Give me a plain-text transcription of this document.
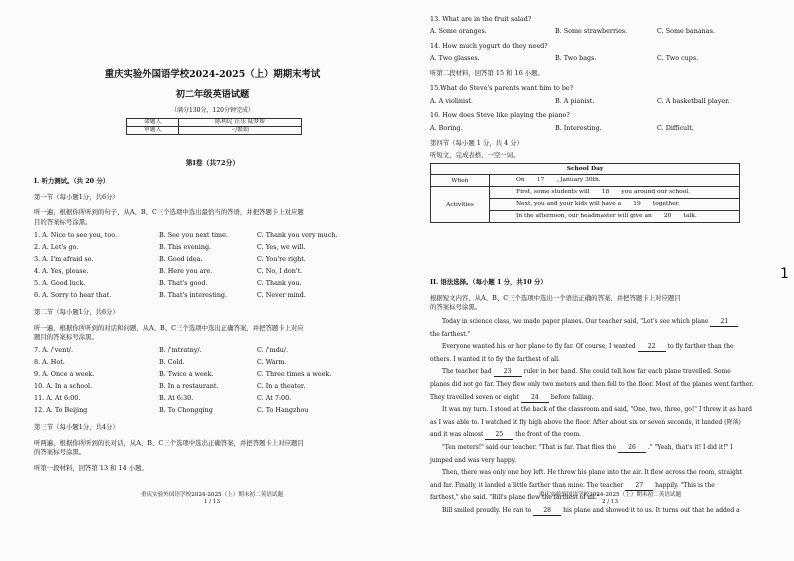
重庆实验外国语学校2024-2025（上）期期末考试
初二年级英语试题
（满分130分，120分钟完成）
命题人	陈利民 汪乐 陆梦娇
审题人	刁繁娟
第Ⅰ卷（共72分）
I. 听力测试。（共 20 分）
第一节（每小题1分，共6分）
听一遍，根据你所听到的句子，从A、B、C三个选项中选出最恰当的答语，并把答题卡上对应题
目的答案标号涂黑。
1. A. Nice to see you, too.	B. See you next time.	C. Thank you very much.
2. A. Let's go.	B. This evening.	C. Yes, we will.
3. A. I'm afraid so.	B. Good idea.	C. You're right.
4. A. Yes, please.	B. Here you are.	C. No, I don't.
5. A. Good luck.	B. That's good.	C. Thank you.
6. A. Sorry to hear that.	B. That's interesting.	C. Never mind.
第二节（每小题1分，共6分）
听一遍，根据你所听到的对话和问题，从A、B、C三个选项中选出正确答案，并把答题卡上对应
题目的答案标号涂黑。
7. A. /ˈvent/.	B. /ˈmtratny/.	C. /ˈmdu/.
8. A. Hot.	B. Cold.	C. Warm.
9. A. Once a week.	B. Twice a week.	C. Three times a week.
10. A. In a school.	B. In a restaurant.	C. In a theater.
11. A. At 6:00.	B. At 6:30.	C. At 7:00.
12. A. To Beijing	B. To Chongqing	C. To Hangzhou
第三节（每小题1分，共4分）
听两遍，根据你所听到的长对话，从A、B、C三个选项中选出正确答案，并把答题卡上对应题目
的答案标号涂黑。
听第一段材料，回答第 13 和 14 小题。
重庆实验外国语学校2024-2025（上）期末初二英语试题
1 / 13
13. What are in the fruit salad?
A. Some oranges.	B. Some strawberries.	C. Some bananas.
14. How much yogurt do they need?
A. Two glasses.	B. Two bags.	C. Two cups.
听第二段材料，回答第 15 和 16 小题。
15.What do Steve's parents want him to be?
A. A violinist.	B. A pianist.	C. A basketball player.
16. How does Steve like playing the piano?
A. Boring.	B. Interesting.	C. Difficult.
第四节（每小题 1 分，共 4 分）
听短文，完成表格，一空一词。
School Day
When	On 17 , January 30th.
Activities
First, some students will 18 you around our school.
Next, you and your kids will have a 19 together.
In the afternoon, our headmaster will give an 20 talk.
II. 语法选择。（每小题 1 分，共10 分）
根据短文内容，从A、B、C三个选项中选出一个语法正确的答案，并把答题卡上对应题目
的答案标号涂黑。
Today in science class, we made paper planes. Our teacher said, "Let's see which plane 21
the farthest."
Everyone wanted his or her plane to fly far. Of course, I wanted 22 to fly farther than the
others. I wanted it to fly the farthest of all.
The teacher had 23 ruler in her hand. She could tell how far each plane travelled. Some
planes did not go far. They flew only two meters and then fell to the floor. Most of the planes went farther.
They travelled seven or eight 24 before falling.
It was my turn. I stood at the back of the classroom and said, "One, two, three, go!" I threw it as hard
as I was able to. I watched it fly high above the floor. After about six or seven seconds, it landed (降落)
and it was almost 25 the front of the room.
"Ten meters!" said our teacher. "That is far. That flies the 26 ." "Yeah, that's it! I did it!" I
jumped and was very happy.
Then, there was only one boy left. He threw his plane into the air. It flew across the room, straight
and far. Finally, it landed a little farther than mine. The teacher 27 happily. "This is the
farthest," she said. "Bill's plane flew the farthest of all."
Bill smiled proudly. He ran to 28 his plane and showed it to us. It turns out that he added a
重庆实验外国语学校2024-2025（上）期末初二英语试题
2 / 13
1
